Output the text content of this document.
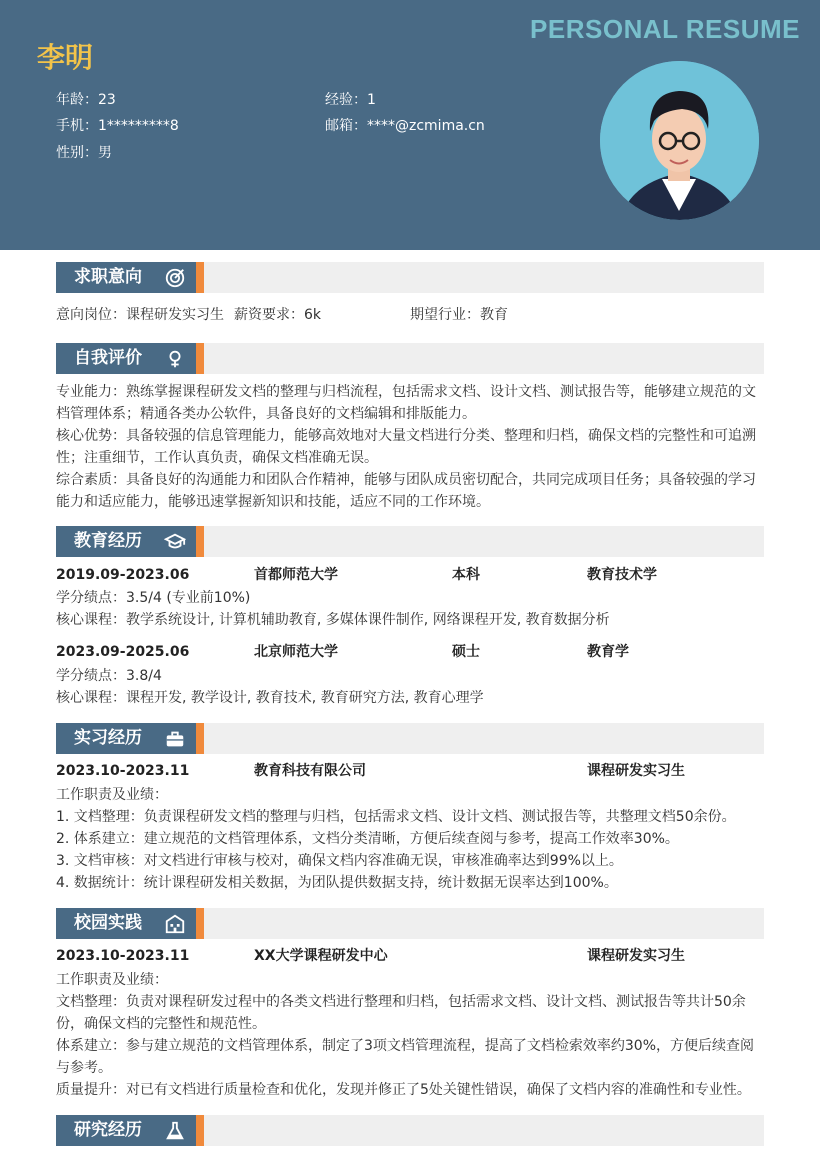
PERSONAL RESUME
李明
年龄：23	经验：1
手机：1*********8	邮箱：****@zcmima.cn
性别：男
求职意向
意向岗位：课程研发实习生 薪资要求：6k	期望行业：教育
自我评价
专业能力：熟练掌握课程研发文档的整理与归档流程，包括需求文档、设计文档、测试报告等，能够建立规范的文档管理体系；精通各类办公软件，具备良好的文档编辑和排版能力。
核心优势：具备较强的信息管理能力，能够高效地对大量文档进行分类、整理和归档，确保文档的完整性和可追溯性；注重细节，工作认真负责，确保文档准确无误。
综合素质：具备良好的沟通能力和团队合作精神，能够与团队成员密切配合，共同完成项目任务；具备较强的学习能力和适应能力，能够迅速掌握新知识和技能，适应不同的工作环境。
教育经历
2019.09-2023.06	首都师范大学	本科	教育技术学
学分绩点：3.5/4 (专业前10%)
核心课程：教学系统设计, 计算机辅助教育, 多媒体课件制作, 网络课程开发, 教育数据分析
2023.09-2025.06	北京师范大学	硕士	教育学
学分绩点：3.8/4
核心课程：课程开发, 教学设计, 教育技术, 教育研究方法, 教育心理学
实习经历
2023.10-2023.11	教育科技有限公司	课程研发实习生
工作职责及业绩：
1. 文档整理：负责课程研发文档的整理与归档，包括需求文档、设计文档、测试报告等，共整理文档50余份。
2. 体系建立：建立规范的文档管理体系，文档分类清晰，方便后续查阅与参考，提高工作效率30%。
3. 文档审核：对文档进行审核与校对，确保文档内容准确无误，审核准确率达到99%以上。
4. 数据统计：统计课程研发相关数据，为团队提供数据支持，统计数据无误率达到100%。
校园实践
2023.10-2023.11	XX大学课程研发中心	课程研发实习生
工作职责及业绩：
文档整理：负责对课程研发过程中的各类文档进行整理和归档，包括需求文档、设计文档、测试报告等共计50余份，确保文档的完整性和规范性。
体系建立：参与建立规范的文档管理体系，制定了3项文档管理流程，提高了文档检索效率约30%，方便后续查阅与参考。
质量提升：对已有文档进行质量检查和优化，发现并修正了5处关键性错误，确保了文档内容的准确性和专业性。
研究经历
